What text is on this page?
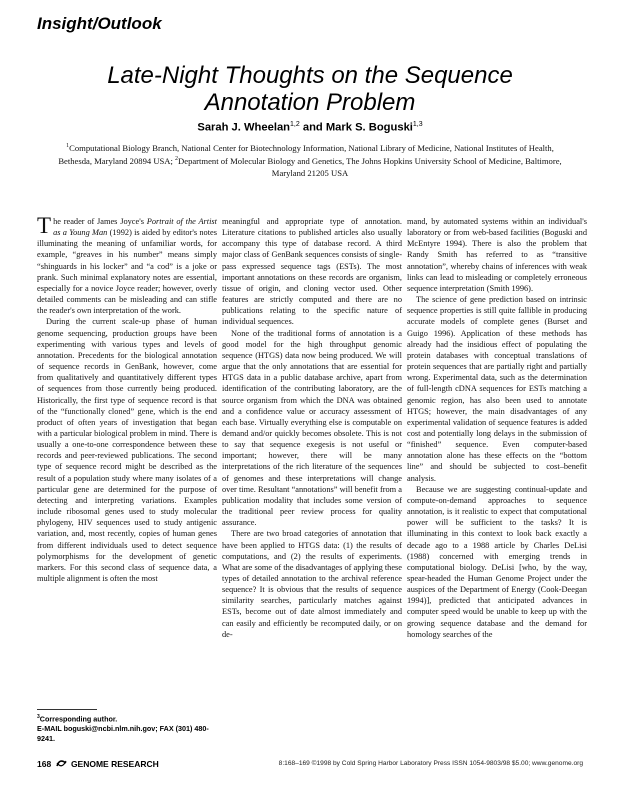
Insight/Outlook
Late-Night Thoughts on the Sequence
Annotation Problem
Sarah J. Wheelan$^{1,2}$ and Mark S. Boguski$^{1,3}$
$^1$Computational Biology Branch, National Center for Biotechnology Information, National Library of Medicine, National Institutes of Health, Bethesda, Maryland 20894 USA; $^2$Department of Molecular Biology and Genetics, The Johns Hopkins University School of Medicine, Baltimore, Maryland 21205 USA

The reader of James Joyce's Portrait of the Artist as a Young Man (1992) is aided by editor's notes illuminating the meaning of unfamiliar words, for example, “greaves in his number” means simply “shinguards in his locker” and “a cod” is a joke or prank. Such minimal explanatory notes are essential, especially for a novice Joyce reader; however, overly detailed comments can be misleading and can stifle the reader's own interpretation of the work.

During the current scale-up phase of human genome sequencing, production groups have been experimenting with various types and levels of annotation. Precedents for the biological annotation of sequence records in GenBank, however, come from qualitatively and quantitatively different types of sequences from those currently being produced. Historically, the first type of sequence record is that of the “functionally cloned” gene, which is the end product of often years of investigation that began with a particular biological problem in mind. There is usually a one-to-one correspondence between these records and peer-reviewed publications. The second type of sequence record might be described as the result of a population study where many isolates of a particular gene are determined for the purpose of detecting and interpreting variations. Examples include ribosomal genes used to study molecular phylogeny, HIV sequences used to study antigenic variation, and, most recently, copies of human genes from different individuals used to detect sequence polymorphisms for the development of genetic markers. For this second class of sequence data, a multiple alignment is often the most

meaningful and appropriate type of annotation. Literature citations to published articles also usually accompany this type of database record. A third major class of GenBank sequences consists of single-pass expressed sequence tags (ESTs). The most important annotations on these records are organism, tissue of origin, and cloning vector used. Other features are strictly computed and there are no publications relating to the specific nature of individual sequences.

None of the traditional forms of annotation is a good model for the high throughput genomic sequence (HTGS) data now being produced. We will argue that the only annotations that are essential for HTGS data in a public database archive, apart from identification of the contributing laboratory, are the source organism from which the DNA was obtained and a confidence value or accuracy assessment of each base. Virtually everything else is computable on demand and/or quickly becomes obsolete. This is not to say that sequence exegesis is not useful or important; however, there will be many interpretations of the rich literature of the sequences of genomes and these interpretations will change over time. Resultant “annotations” will benefit from a publication modality that includes some version of the traditional peer review process for quality assurance.

There are two broad categories of annotation that have been applied to HTGS data: (1) the results of computations, and (2) the results of experiments. What are some of the disadvantages of applying these types of detailed annotation to the archival reference sequence? It is obvious that the results of sequence similarity searches, particularly matches against ESTs, become out of date almost immediately and can easily and efficiently be recomputed daily, or on de-

mand, by automated systems within an individual's laboratory or from web-based facilities (Boguski and McEntyre 1994). There is also the problem that Randy Smith has referred to as “transitive annotation”, whereby chains of inferences with weak links can lead to misleading or completely erroneous sequence interpretation (Smith 1996).

The science of gene prediction based on intrinsic sequence properties is still quite fallible in producing accurate models of complete genes (Burset and Guigo 1996). Application of these methods has already had the insidious effect of populating the protein databases with conceptual translations of protein sequences that are partially right and partially wrong. Experimental data, such as the determination of full-length cDNA sequences for ESTs matching a genomic region, has also been used to annotate HTGS; however, the main disadvantages of any experimental validation of sequence features is added cost and potentially long delays in the submission of “finished” sequence. Even computer-based annotation alone has these effects on the “bottom line” and should be subjected to cost–benefit analysis.

Because we are suggesting continual-update and compute-on-demand approaches to sequence annotation, is it realistic to expect that computational power will be sufficient to the tasks? It is illuminating in this context to look back exactly a decade ago to a 1988 article by Charles DeLisi (1988) concerned with emerging trends in computational biology. DeLisi [who, by the way, spear-headed the Human Genome Project under the auspices of the Department of Energy (Cook-Deegan 1994)], predicted that anticipated advances in computer speed would be unable to keep up with the growing sequence database and the demand for homology searches of the

$^3$Corresponding author.
E-MAIL boguski@ncbi.nlm.nih.gov; FAX (301) 480-9241.
168 GENOME RESEARCH	8:168–169 ©1998 by Cold Spring Harbor Laboratory Press ISSN 1054-9803/98 $5.00; www.genome.org
